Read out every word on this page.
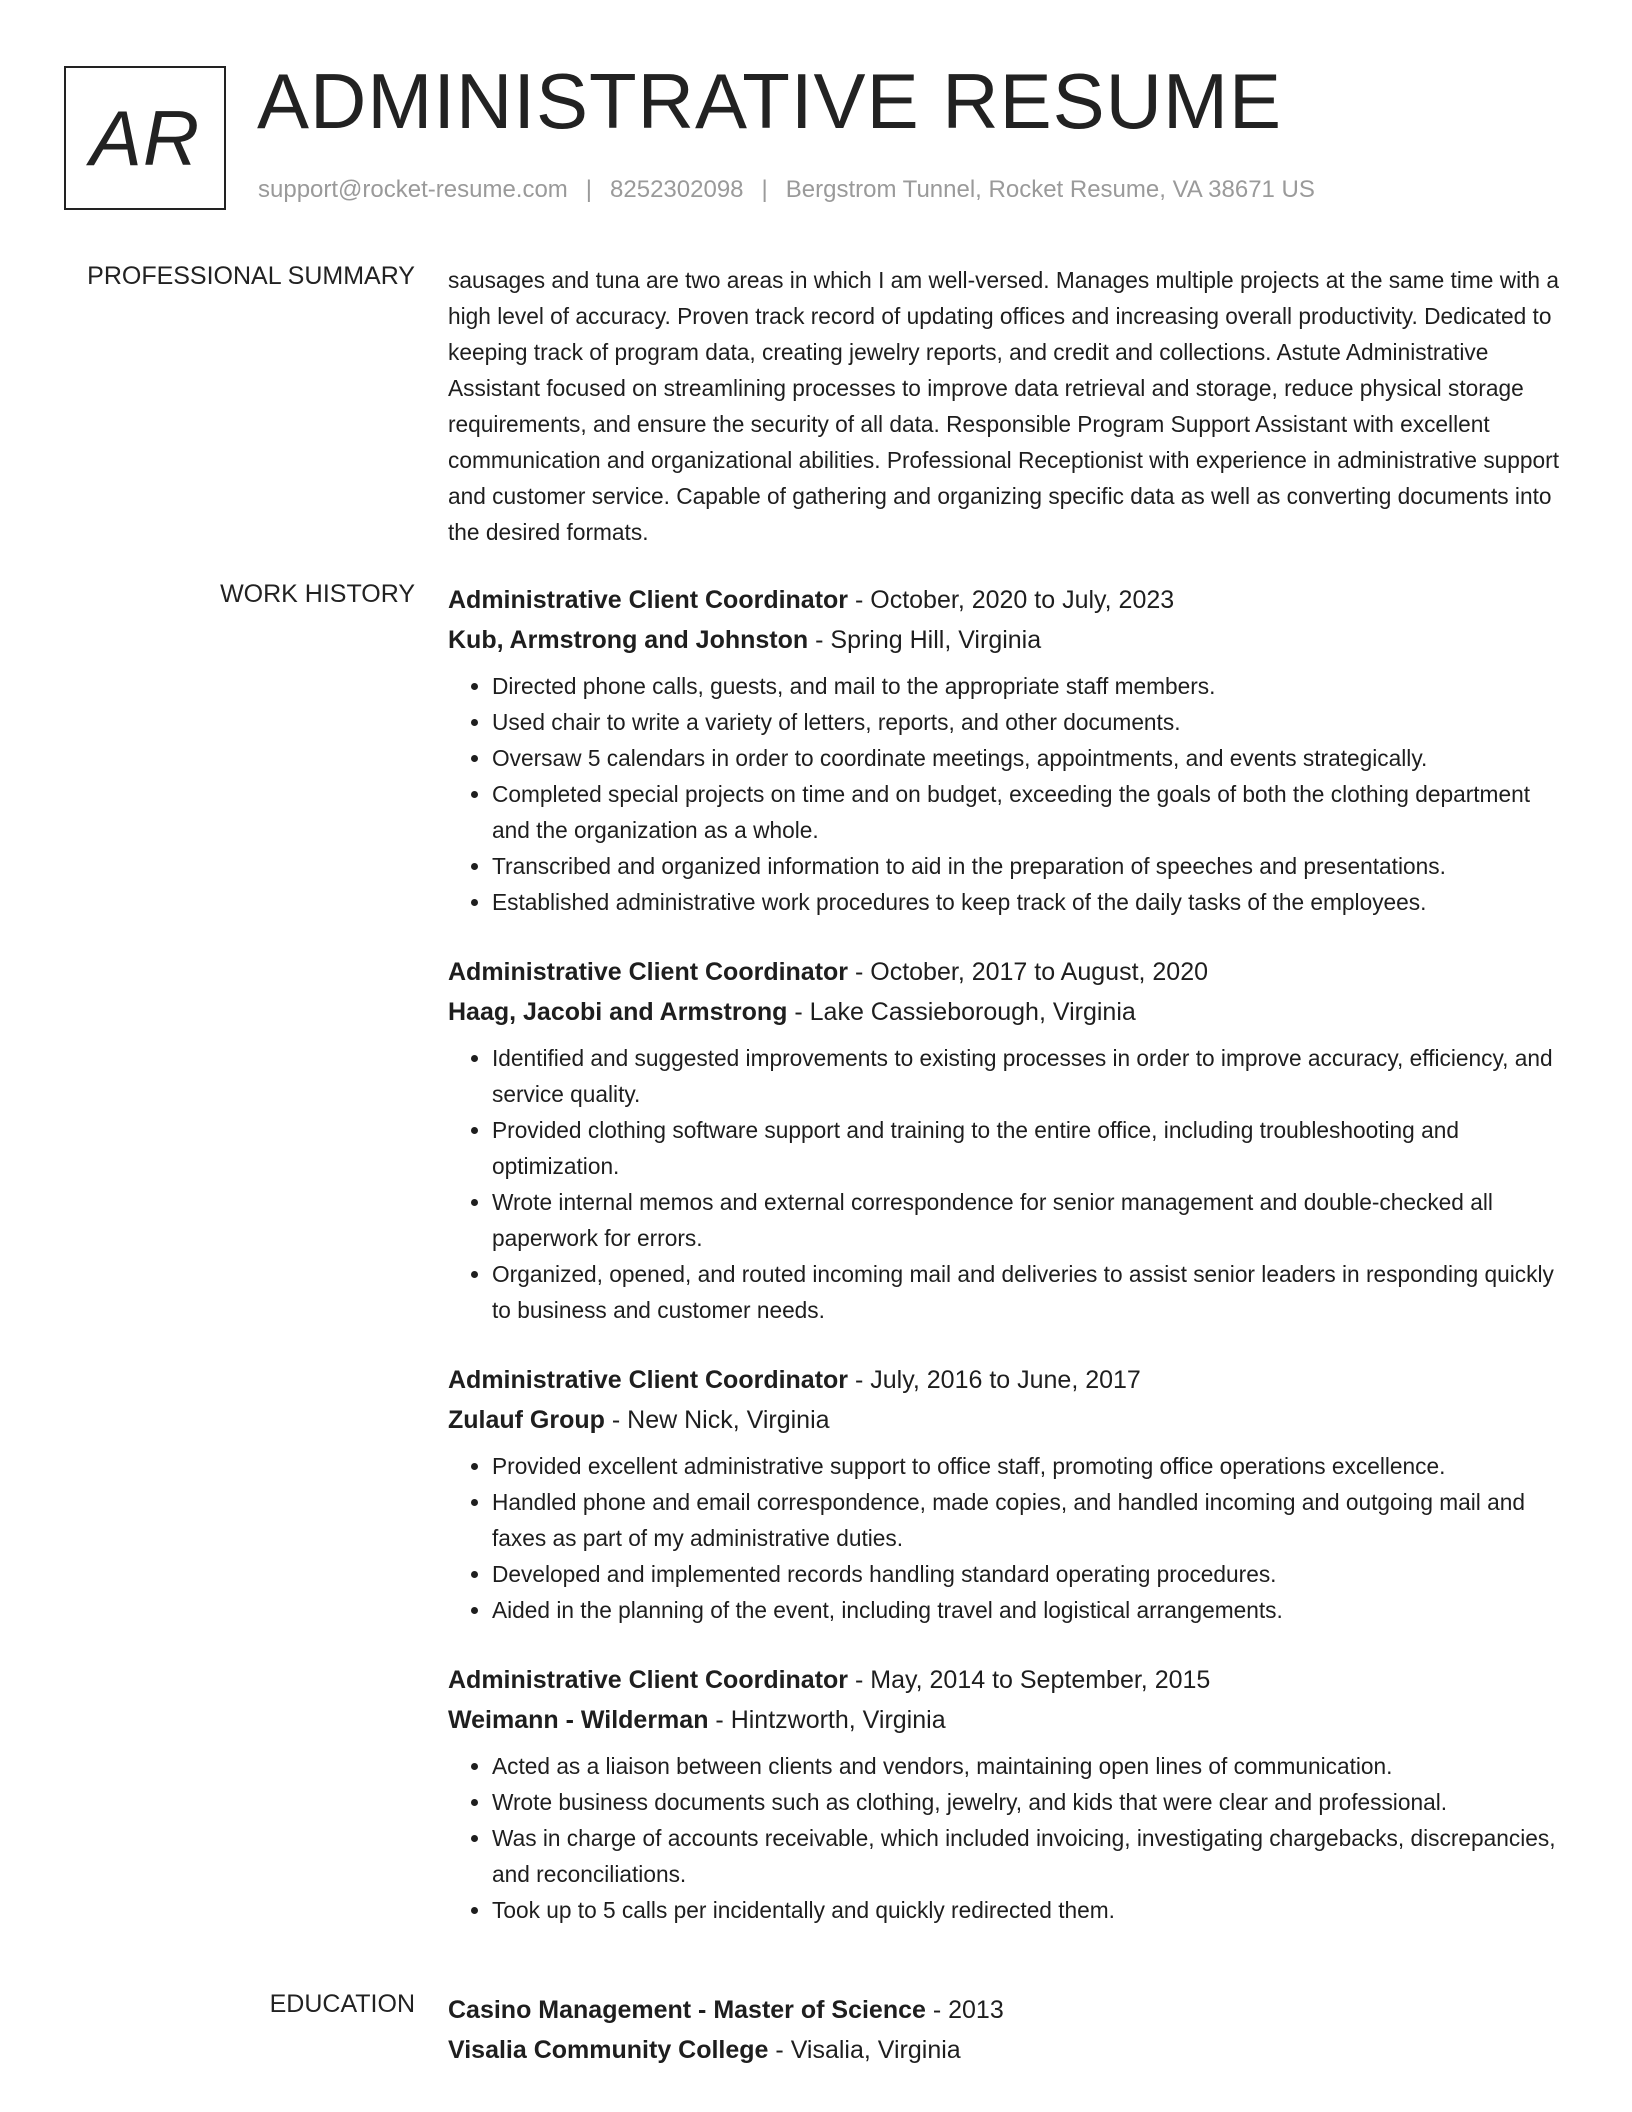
AR ADMINISTRATIVE RESUME
support@rocket-resume.com | 8252302098 | Bergstrom Tunnel, Rocket Resume, VA 38671 US
PROFESSIONAL SUMMARY sausages and tuna are two areas in which I am well-versed. Manages multiple projects at the same time with a high level of accuracy. Proven track record of updating offices and increasing overall productivity. Dedicated to keeping track of program data, creating jewelry reports, and credit and collections. Astute Administrative Assistant focused on streamlining processes to improve data retrieval and storage, reduce physical storage requirements, and ensure the security of all data. Responsible Program Support Assistant with excellent communication and organizational abilities. Professional Receptionist with experience in administrative support and customer service. Capable of gathering and organizing specific data as well as converting documents into the desired formats.

WORK HISTORY Administrative Client Coordinator - October, 2020 to July, 2023
Kub, Armstrong and Johnston - Spring Hill, Virginia
• Directed phone calls, guests, and mail to the appropriate staff members.
• Used chair to write a variety of letters, reports, and other documents.
• Oversaw 5 calendars in order to coordinate meetings, appointments, and events strategically.
• Completed special projects on time and on budget, exceeding the goals of both the clothing department and the organization as a whole.
• Transcribed and organized information to aid in the preparation of speeches and presentations.
• Established administrative work procedures to keep track of the daily tasks of the employees.
Administrative Client Coordinator - October, 2017 to August, 2020
Haag, Jacobi and Armstrong - Lake Cassieborough, Virginia
• Identified and suggested improvements to existing processes in order to improve accuracy, efficiency, and service quality.
• Provided clothing software support and training to the entire office, including troubleshooting and optimization.
• Wrote internal memos and external correspondence for senior management and double-checked all paperwork for errors.
• Organized, opened, and routed incoming mail and deliveries to assist senior leaders in responding quickly to business and customer needs.
Administrative Client Coordinator - July, 2016 to June, 2017
Zulauf Group - New Nick, Virginia
• Provided excellent administrative support to office staff, promoting office operations excellence.
• Handled phone and email correspondence, made copies, and handled incoming and outgoing mail and faxes as part of my administrative duties.
• Developed and implemented records handling standard operating procedures.
• Aided in the planning of the event, including travel and logistical arrangements.
Administrative Client Coordinator - May, 2014 to September, 2015
Weimann - Wilderman - Hintzworth, Virginia
• Acted as a liaison between clients and vendors, maintaining open lines of communication.
• Wrote business documents such as clothing, jewelry, and kids that were clear and professional.
• Was in charge of accounts receivable, which included invoicing, investigating chargebacks, discrepancies, and reconciliations.
• Took up to 5 calls per incidentally and quickly redirected them.
EDUCATION Casino Management - Master of Science - 2013
Visalia Community College - Visalia, Virginia
